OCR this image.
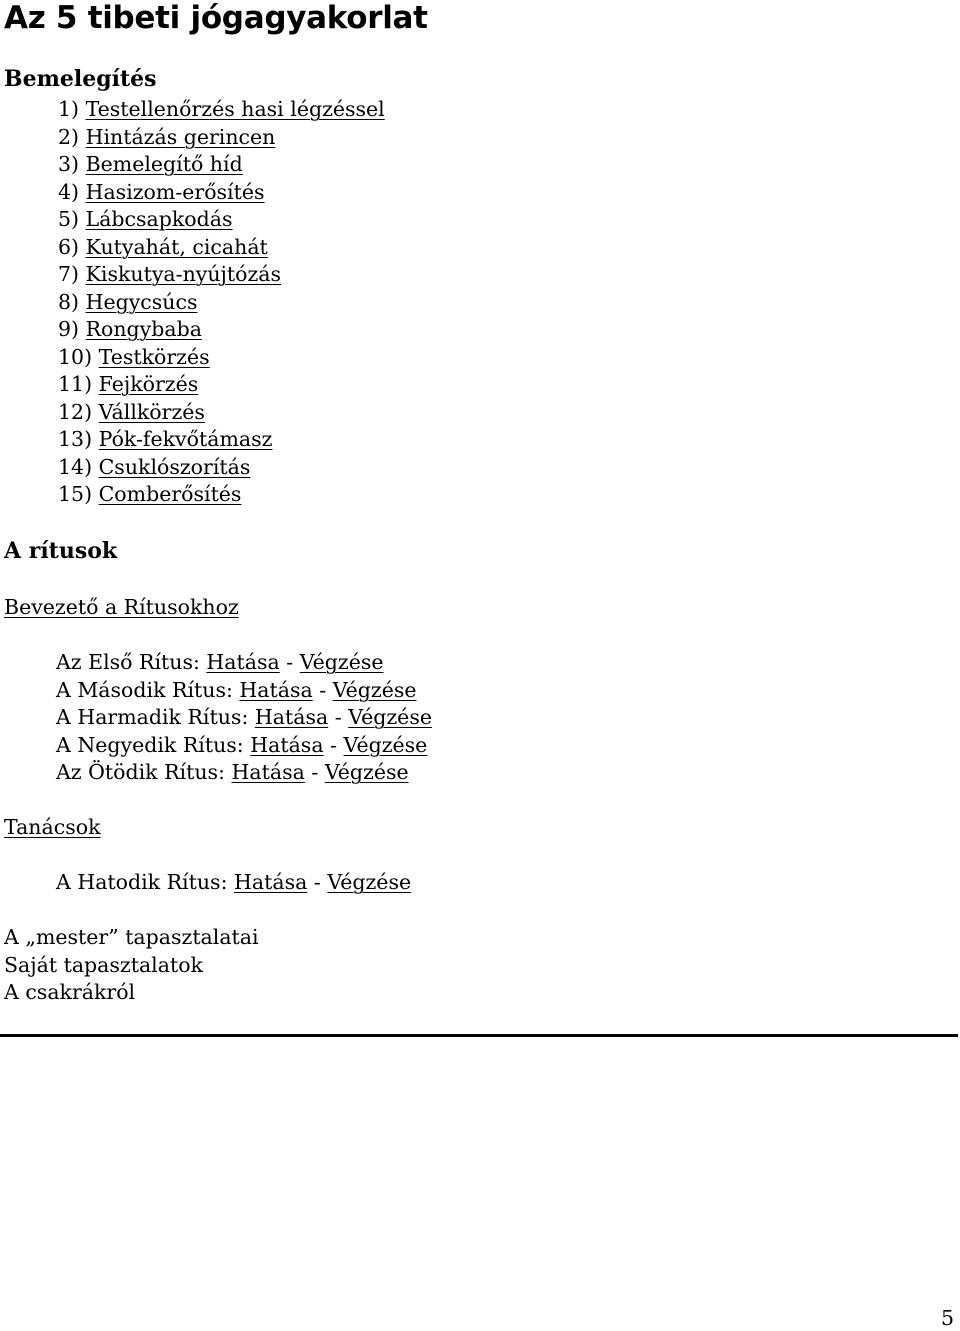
Az 5 tibeti jógagyakorlat
Bemelegítés
1) Testellenőrzés hasi légzéssel
2) Hintázás gerincen
3) Bemelegítő híd
4) Hasizom-erősítés
5) Lábcsapkodás
6) Kutyahát, cicahát
7) Kiskutya-nyújtózás
8) Hegycsúcs
9) Rongybaba
10) Testkörzés
11) Fejkörzés
12) Vállkörzés
13) Pók-fekvőtámasz
14) Csuklószorítás
15) Comberősítés
A rítusok
Bevezető a Rítusokhoz
Az Első Rítus: Hatása - Végzése
A Második Rítus: Hatása - Végzése
A Harmadik Rítus: Hatása - Végzése
A Negyedik Rítus: Hatása - Végzése
Az Ötödik Rítus: Hatása - Végzése
Tanácsok
A Hatodik Rítus: Hatása - Végzése
A „mester” tapasztalatai
Saját tapasztalatok
A csakrákról
5
